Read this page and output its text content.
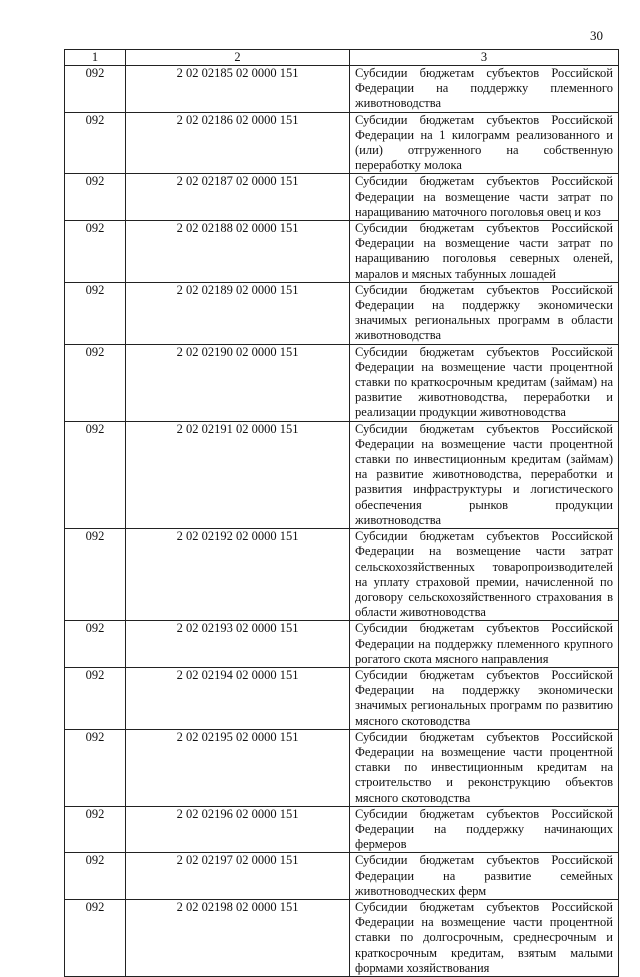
30
1	2	3
092	2 02 02185 02 0000 151	Субсидии бюджетам субъектов Российской Федерации на поддержку племенного животноводства
092	2 02 02186 02 0000 151	Субсидии бюджетам субъектов Российской Федерации на 1 килограмм реализованного и (или) отгруженного на собственную переработку молока
092	2 02 02187 02 0000 151	Субсидии бюджетам субъектов Российской Федерации на возмещение части затрат по наращиванию маточного поголовья овец и коз
092	2 02 02188 02 0000 151	Субсидии бюджетам субъектов Российской Федерации на возмещение части затрат по наращиванию поголовья северных оленей, маралов и мясных табунных лошадей
092	2 02 02189 02 0000 151	Субсидии бюджетам субъектов Российской Федерации на поддержку экономически значимых региональных программ в области животноводства
092	2 02 02190 02 0000 151	Субсидии бюджетам субъектов Российской Федерации на возмещение части процентной ставки по краткосрочным кредитам (займам) на развитие животноводства, переработки и реализации продукции животноводства
092	2 02 02191 02 0000 151	Субсидии бюджетам субъектов Российской Федерации на возмещение части процентной ставки по инвестиционным кредитам (займам) на развитие животноводства, переработки и развития инфраструктуры и логистического обеспечения рынков продукции животноводства
092	2 02 02192 02 0000 151	Субсидии бюджетам субъектов Российской Федерации на возмещение части затрат сельскохозяйственных товаропроизводителей на уплату страховой премии, начисленной по договору сельскохозяйственного страхования в области животноводства
092	2 02 02193 02 0000 151	Субсидии бюджетам субъектов Российской Федерации на поддержку племенного крупного рогатого скота мясного направления
092	2 02 02194 02 0000 151	Субсидии бюджетам субъектов Российской Федерации на поддержку экономически значимых региональных программ по развитию мясного скотоводства
092	2 02 02195 02 0000 151	Субсидии бюджетам субъектов Российской Федерации на возмещение части процентной ставки по инвестиционным кредитам на строительство и реконструкцию объектов мясного скотоводства
092	2 02 02196 02 0000 151	Субсидии бюджетам субъектов Российской Федерации на поддержку начинающих фермеров
092	2 02 02197 02 0000 151	Субсидии бюджетам субъектов Российской Федерации на развитие семейных животноводческих ферм
092	2 02 02198 02 0000 151	Субсидии бюджетам субъектов Российской Федерации на возмещение части процентной ставки по долгосрочным, среднесрочным и краткосрочным кредитам, взятым малыми формами хозяйствования
